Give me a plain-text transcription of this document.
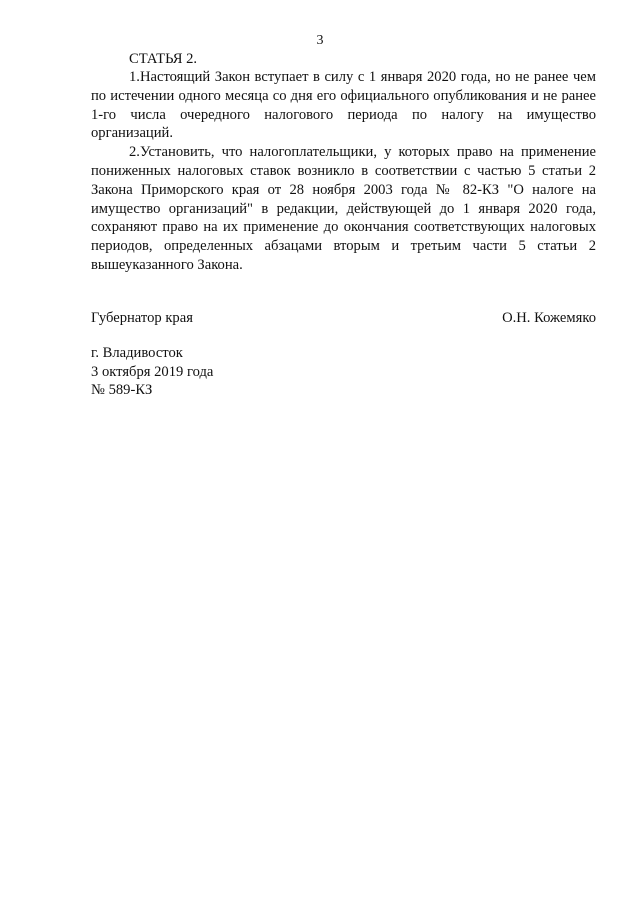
3

СТАТЬЯ 2.

1.Настоящий Закон вступает в силу с 1 января 2020 года, но не ранее чем по истечении одного месяца со дня его официального опубликования и не ранее 1-го числа очередного налогового периода по налогу на имущество организаций.

2.Установить, что налогоплательщики, у которых право на применение пониженных налоговых ставок возникло в соответствии с частью 5 статьи 2 Закона Приморского края от 28 ноября 2003 года № 82-КЗ "О налоге на имущество организаций" в редакции, действующей до 1 января 2020 года, сохраняют право на их применение до окончания соответствующих налоговых периодов, определенных абзацами вторым и третьим части 5 статьи 2 вышеуказанного Закона.

Губернатор края	О.Н. Кожемяко
г. Владивосток
3 октября 2019 года
№ 589-КЗ
